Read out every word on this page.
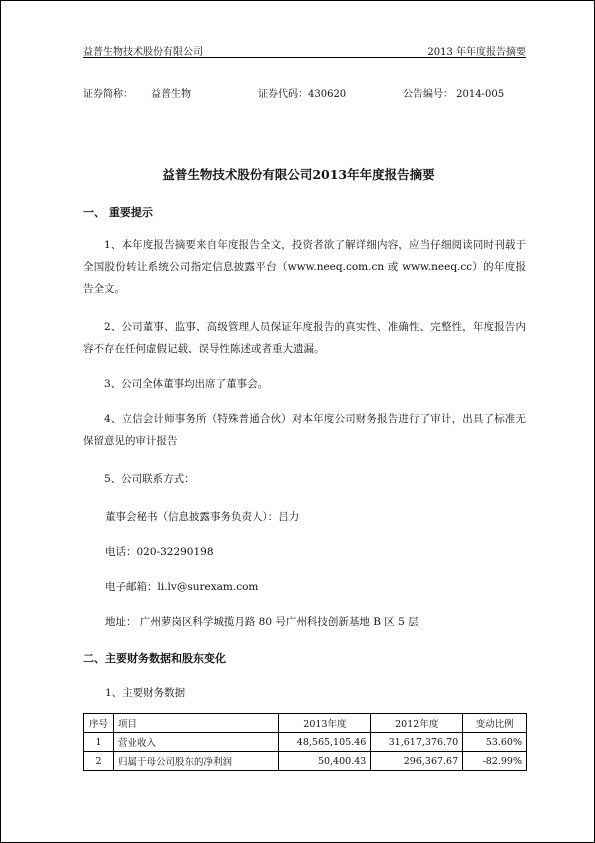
益普生物技术股份有限公司	2013 年年度报告摘要
证券简称： 益普生物	证券代码：430620	公告编号： 2014-005
益普生物技术股份有限公司2013年年度报告摘要
一、 重要提示
1、本年度报告摘要来自年度报告全文，投资者欲了解详细内容，应当仔细阅读同时刊载于全国股份转让系统公司指定信息披露平台（www.neeq.com.cn 或 www.neeq.cc）的年度报告全文。
2、公司董事、监事、高级管理人员保证年度报告的真实性、准确性、完整性，年度报告内容不存在任何虚假记载、误导性陈述或者重大遗漏。
3、公司全体董事均出席了董事会。
4、立信会计师事务所（特殊普通合伙）对本年度公司财务报告进行了审计，出具了标准无保留意见的审计报告
5、公司联系方式：
董事会秘书（信息披露事务负责人）：吕力
电话：020-32290198
电子邮箱：li.lv@surexam.com
地址： 广州萝岗区科学城揽月路 80 号广州科技创新基地 B 区 5 层
二、主要财务数据和股东变化
1、主要财务数据
序号	项目	2013年度	2012年度	变动比例
1	营业收入	48,565,105.46	31,617,376.70	53.60%
2	归属于母公司股东的净利润	50,400.43	296,367.67	-82.99%
